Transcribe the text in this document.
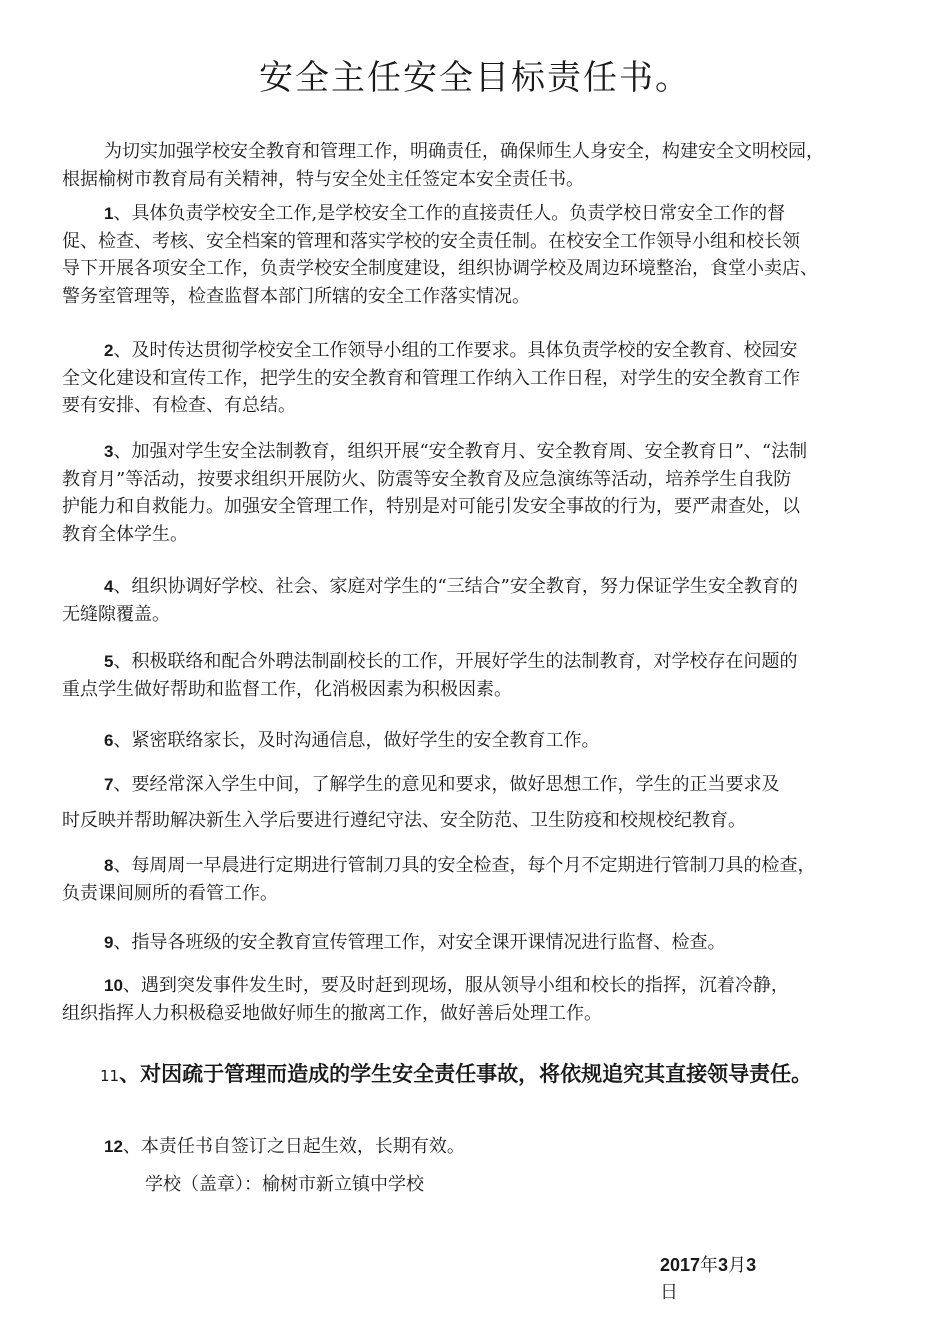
安全主任安全目标责任书。

为切实加强学校安全教育和管理工作，明确责任，确保师生人身安全，构建安全文明校园，
根据榆树市教育局有关精神，特与安全处主任签定本安全责任书。

1、具体负责学校安全工作,是学校安全工作的直接责任人。负责学校日常安全工作的督
促、检查、考核、安全档案的管理和落实学校的安全责任制。在校安全工作领导小组和校长领
导下开展各项安全工作，负责学校安全制度建设，组织协调学校及周边环境整治，食堂小卖店、
警务室管理等，检查监督本部门所辖的安全工作落实情况。

2、及时传达贯彻学校安全工作领导小组的工作要求。具体负责学校的安全教育、校园安
全文化建设和宣传工作，把学生的安全教育和管理工作纳入工作日程，对学生的安全教育工作
要有安排、有检查、有总结。

3、加强对学生安全法制教育，组织开展“安全教育月、安全教育周、安全教育日”、“法制
教育月”等活动，按要求组织开展防火、防震等安全教育及应急演练等活动，培养学生自我防
护能力和自救能力。加强安全管理工作，特别是对可能引发安全事故的行为，要严肃查处，以
教育全体学生。

4、组织协调好学校、社会、家庭对学生的“三结合”安全教育，努力保证学生安全教育的
无缝隙覆盖。

5、积极联络和配合外聘法制副校长的工作，开展好学生的法制教育，对学校存在问题的
重点学生做好帮助和监督工作，化消极因素为积极因素。

6、紧密联络家长，及时沟通信息，做好学生的安全教育工作。

7、要经常深入学生中间，了解学生的意见和要求，做好思想工作，学生的正当要求及
时反映并帮助解决新生入学后要进行遵纪守法、安全防范、卫生防疫和校规校纪教育。

8、每周周一早晨进行定期进行管制刀具的安全检查，每个月不定期进行管制刀具的检查，
负责课间厕所的看管工作。

9、指导各班级的安全教育宣传管理工作，对安全课开课情况进行监督、检查。

10、遇到突发事件发生时，要及时赶到现场，服从领导小组和校长的指挥，沉着冷静，
组织指挥人力积极稳妥地做好师生的撤离工作，做好善后处理工作。

11、对因疏于管理而造成的学生安全责任事故，将依规追究其直接领导责任。

12、本责任书自签订之日起生效，长期有效。

学校（盖章）：榆树市新立镇中学校

2017年3月3
日
